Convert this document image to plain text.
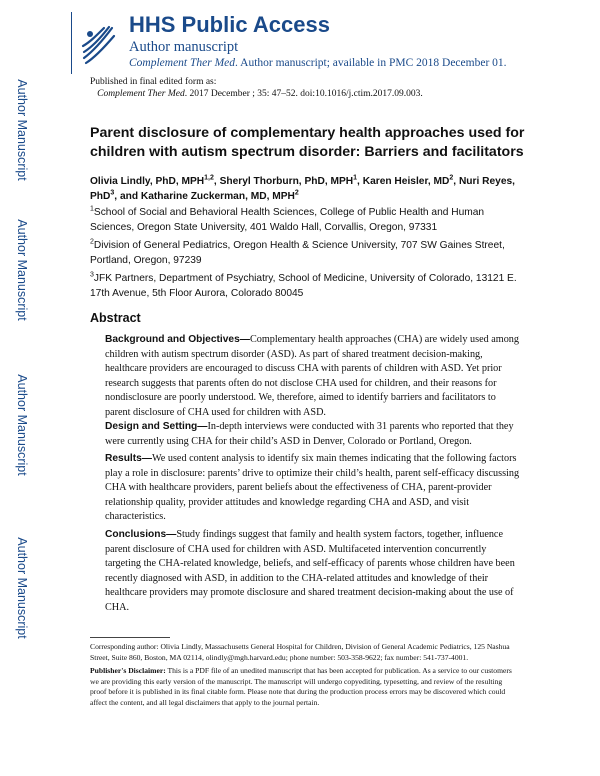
Author Manuscript
Author Manuscript
Author Manuscript
Author Manuscript
HHS Public Access
Author manuscript
Complement Ther Med. Author manuscript; available in PMC 2018 December 01.
Published in final edited form as:
Complement Ther Med. 2017 December ; 35: 47–52. doi:10.1016/j.ctim.2017.09.003.
Parent disclosure of complementary health approaches used for children with autism spectrum disorder: Barriers and facilitators
Olivia Lindly, PhD, MPH$^{1,2}$, Sheryl Thorburn, PhD, MPH$^1$, Karen Heisler, $MD^2$, Nuri Reyes, PhD$^3$, and Katharine Zuckerman, MD, MPH$^2$
$^1$School of Social and Behavioral Health Sciences, College of Public Health and Human Sciences, Oregon State University, 401 Waldo Hall, Corvallis, Oregon, 97331
$^2$Division of General Pediatrics, Oregon Health & Science University, 707 SW Gaines Street, Portland, Oregon, 97239
$^3$JFK Partners, Department of Psychiatry, School of Medicine, University of Colorado, 13121 E. 17th Avenue, 5th Floor Aurora, Colorado 80045
Abstract
Background and Objectives—Complementary health approaches (CHA) are widely used among children with autism spectrum disorder (ASD). As part of shared treatment decision-making, healthcare providers are encouraged to discuss CHA with parents of children with ASD. Yet prior research suggests that parents often do not disclose CHA used for children, and their reasons for nondisclosure are poorly understood. We, therefore, aimed to identify barriers and facilitators to parent disclosure of CHA used for children with ASD.
Design and Setting—In-depth interviews were conducted with 31 parents who reported that they were currently using CHA for their child’s ASD in Denver, Colorado or Portland, Oregon.
Results—We used content analysis to identify six main themes indicating that the following factors play a role in disclosure: parents’ drive to optimize their child’s health, parent self-efficacy discussing CHA with healthcare providers, parent beliefs about the effectiveness of CHA, parent-provider relationship quality, provider attitudes and knowledge regarding CHA and ASD, and visit characteristics.
Conclusions—Study findings suggest that family and health system factors, together, influence parent disclosure of CHA used for children with ASD. Multifaceted intervention concurrently targeting the CHA-related knowledge, beliefs, and self-efficacy of parents whose children have been recently diagnosed with ASD, in addition to the CHA-related attitudes and knowledge of their healthcare providers may promote disclosure and shared treatment decision-making about the use of CHA.
Corresponding author: Olivia Lindly, Massachusetts General Hospital for Children, Division of General Academic Pediatrics, 125 Nashua Street, Suite 860, Boston, MA 02114, olindly@mgh.harvard.edu; phone number: 503-358-9622; fax number: 541-737-4001.
Publisher's Disclaimer: This is a PDF file of an unedited manuscript that has been accepted for publication. As a service to our customers we are providing this early version of the manuscript. The manuscript will undergo copyediting, typesetting, and review of the resulting proof before it is published in its final citable form. Please note that during the production process errors may be discovered which could affect the content, and all legal disclaimers that apply to the journal pertain.
